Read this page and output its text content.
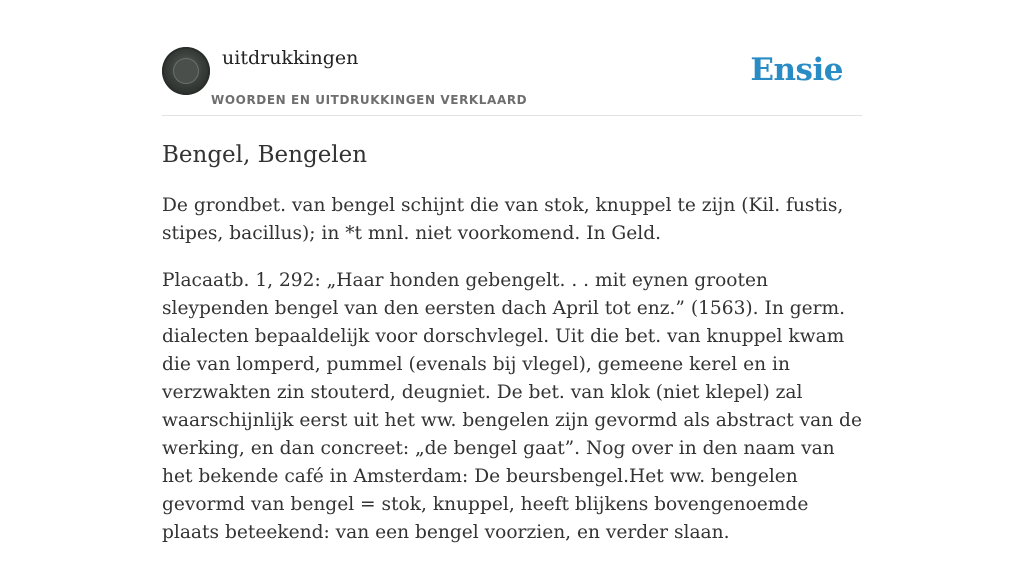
uitdrukkingen
WOORDEN EN UITDRUKKINGEN VERKLAARD
Ensie
Bengel, Bengelen

De grondbet. van bengel schijnt die van stok, knuppel te zijn (Kil. fustis, stipes, bacillus); in *t mnl. niet voorkomend. In Geld.

Placaatb. 1, 292: „Haar honden gebengelt. . . mit eynen grooten sleypenden bengel van den eersten dach April tot enz.” (1563). In germ. dialecten bepaaldelijk voor dorschvlegel. Uit die bet. van knuppel kwam die van lomperd, pummel (evenals bij vlegel), gemeene kerel en in verzwakten zin stouterd, deugniet. De bet. van klok (niet klepel) zal waarschijnlijk eerst uit het ww. bengelen zijn gevormd als abstract van de werking, en dan concreet: „de bengel gaat”. Nog over in den naam van het bekende café in Amsterdam: De beursbengel.Het ww. bengelen gevormd van bengel = stok, knuppel, heeft blijkens bovengenoemde plaats beteekend: van een bengel voorzien, en verder slaan.
